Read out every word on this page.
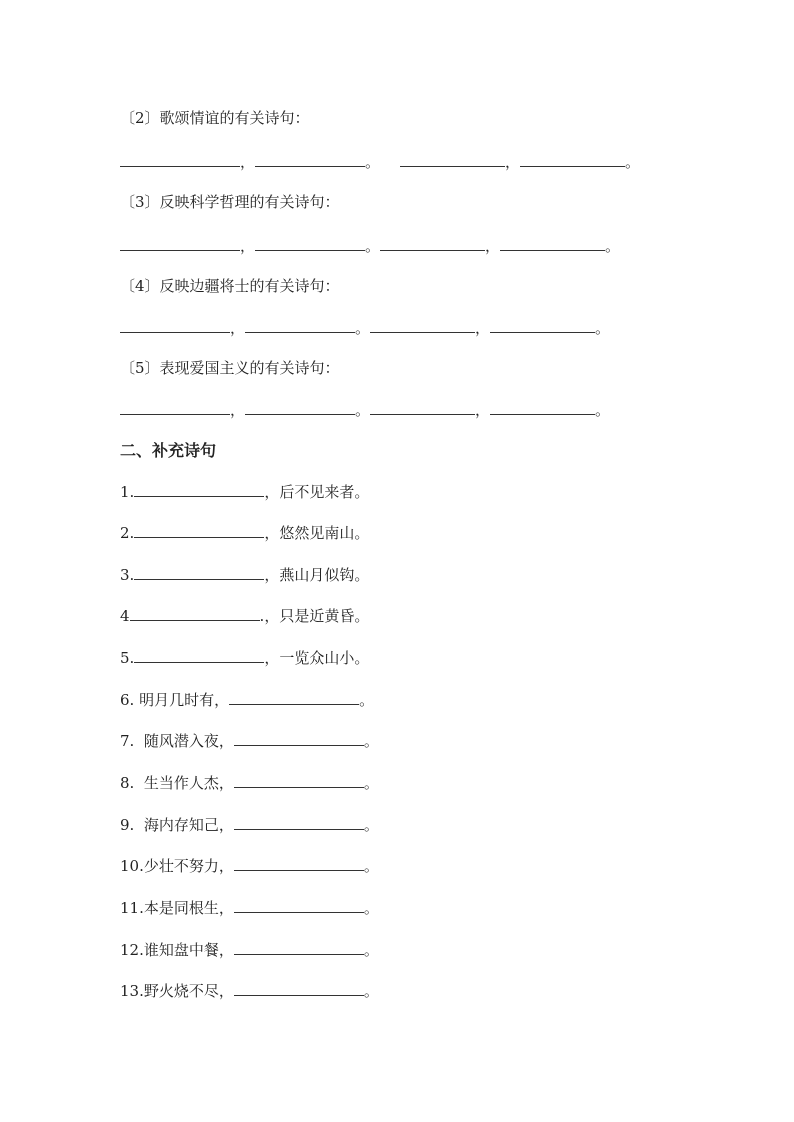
〔2〕歌颂情谊的有关诗句：
，	。	，	。
〔3〕反映科学哲理的有关诗句：
，	。	，	。
〔4〕反映边疆将士的有关诗句：
，	。	，	。
〔5〕表现爱国主义的有关诗句：
，	。	，	。
二、补充诗句
1.	，后不见来者。
2.	，悠然见南山。
3.	，燕山月似钩。
4	.，只是近黄昏。
5.	，一览众山小。
6. 明月几时有，	。
7. 随风潜入夜，	。
8. 生当作人杰，	。
9. 海内存知己，	。
10.少壮不努力，	。
11.本是同根生，	。
12.谁知盘中餐，	。
13.野火烧不尽，	。
